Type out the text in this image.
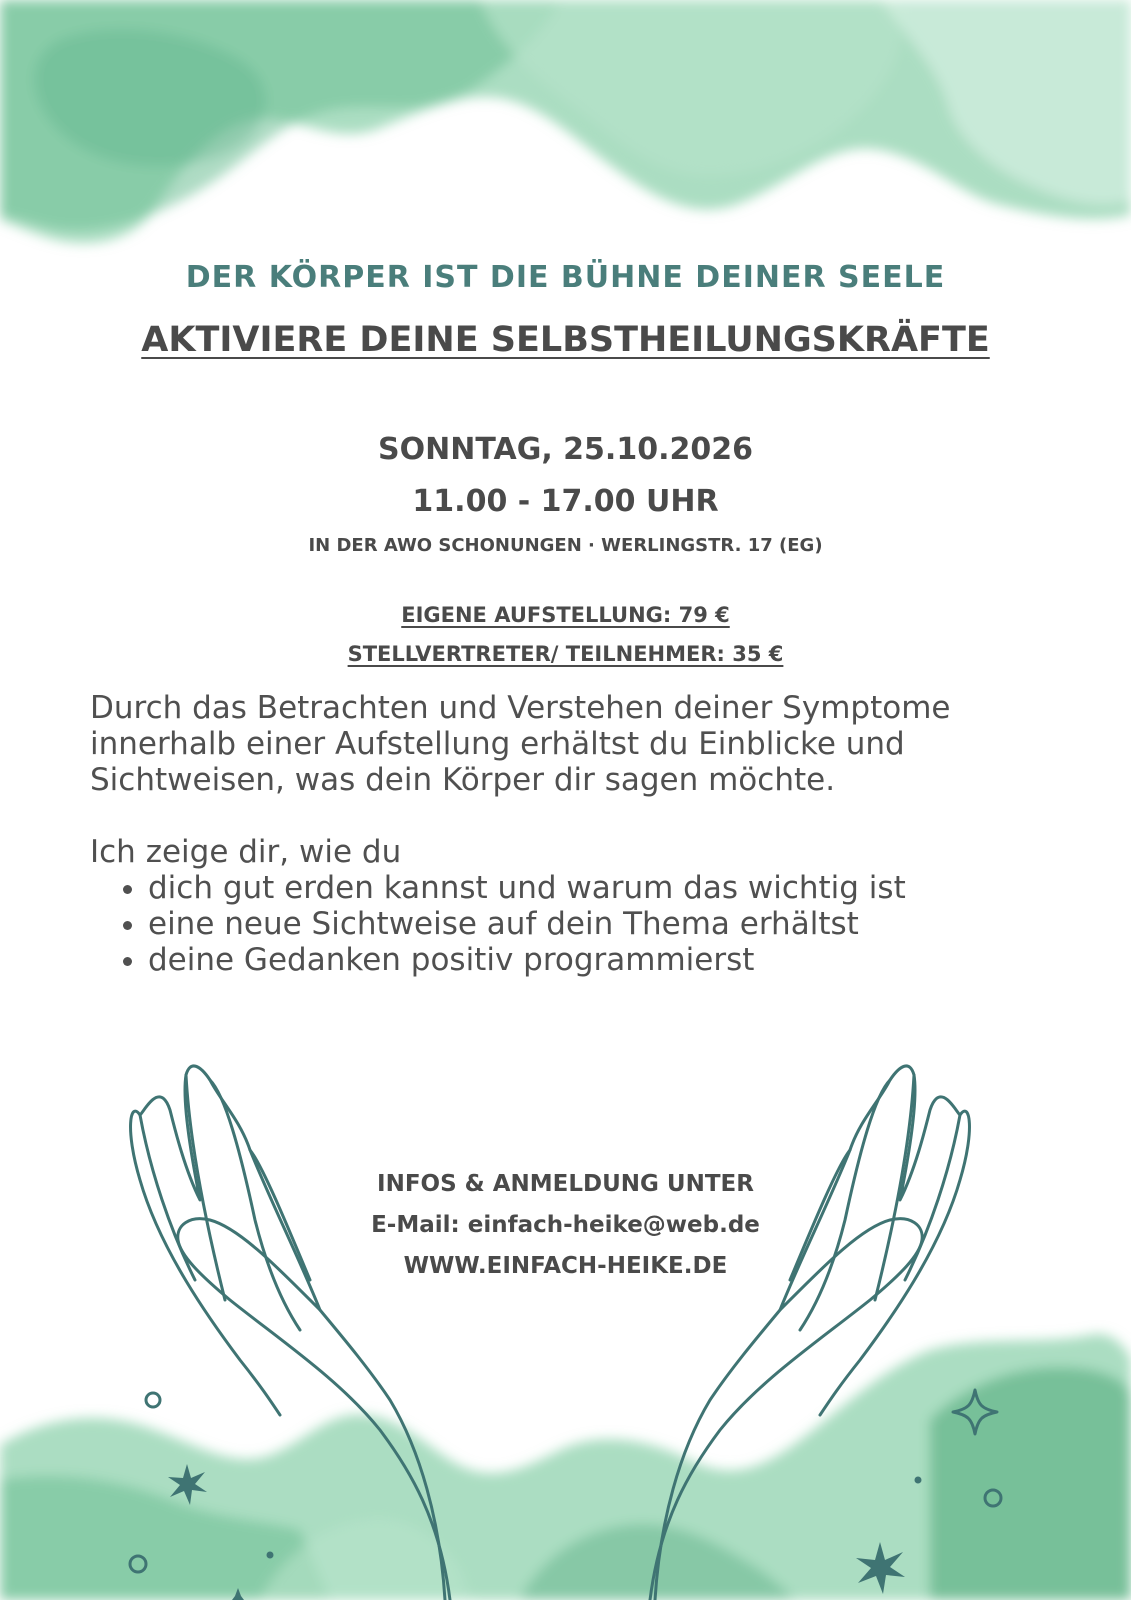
DER KÖRPER IST DIE BÜHNE DEINER SEELE
AKTIVIERE DEINE SELBSTHEILUNGSKRÄFTE
SONNTAG, 25.10.2026
11.00 - 17.00 UHR
IN DER AWO SCHONUNGEN · WERLINGSTR. 17 (EG)
EIGENE AUFSTELLUNG: 79 €
STELLVERTRETER/ TEILNEHMER: 35 €

Durch das Betrachten und Verstehen deiner Symptome innerhalb einer Aufstellung erhältst du Einblicke und Sichtweisen, was dein Körper dir sagen möchte.

Ich zeige dir, wie du

• dich gut erden kannst und warum das wichtig ist
• eine neue Sichtweise auf dein Thema erhältst
• deine Gedanken positiv programmierst
INFOS & ANMELDUNG UNTER
E-Mail: einfach-heike@web.de
WWW.EINFACH-HEIKE.DE
